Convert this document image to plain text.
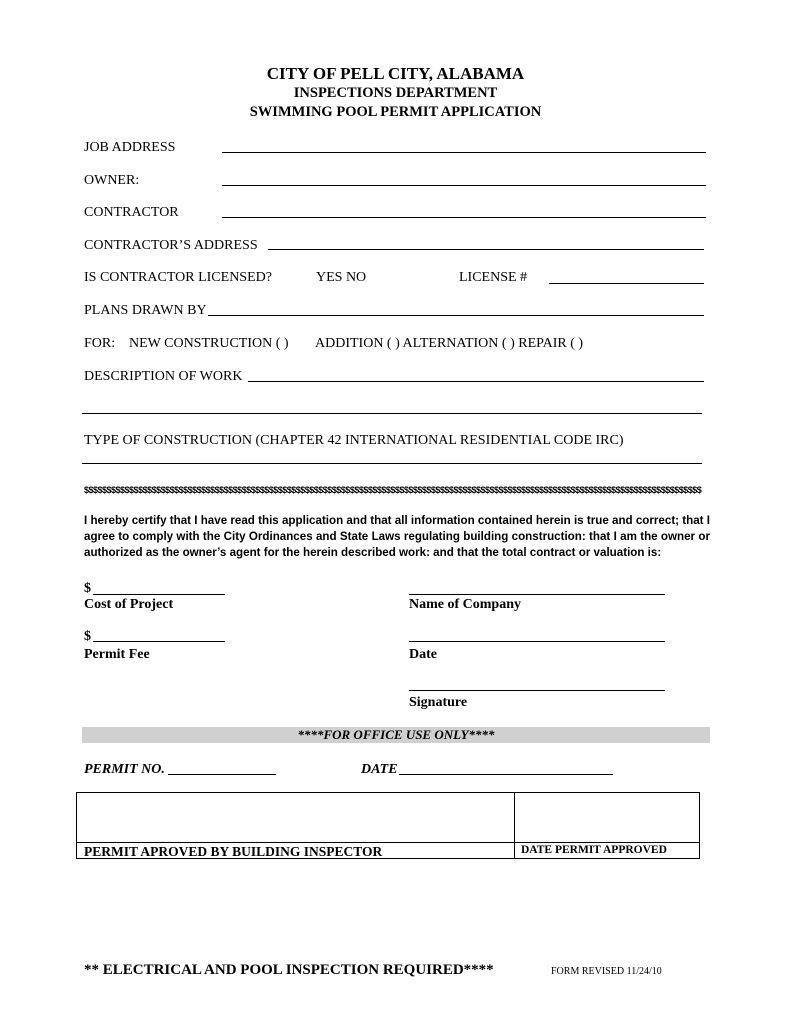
CITY OF PELL CITY, ALABAMA
INSPECTIONS DEPARTMENT
SWIMMING POOL PERMIT APPLICATION
JOB ADDRESS
OWNER:
CONTRACTOR
CONTRACTOR’S ADDRESS
IS CONTRACTOR LICENSED?	YES NO	LICENSE #
PLANS DRAWN BY
FOR: NEW CONSTRUCTION ( ) ADDITION ( ) ALTERNATION ( ) REPAIR ( )
DESCRIPTION OF WORK
TYPE OF CONSTRUCTION (CHAPTER 42 INTERNATIONAL RESIDENTIAL CODE IRC)
$$$$$$$$$$$$$$$$$$$$$$$$$$$$$$$$$$$$$$$$$$$$$$$$$$$$$$$$$$$$$$$$$$$$$$$$$$$$$$$$$$$$$$$$$$$$$$$$$$$$$$$$$$$$$$$$$$$$$$$$$$$$$$$$$$$$$$$$$
I hereby certify that I have read this application and that all information contained herein is true and correct; that I agree to comply with the City Ordinances and State Laws regulating building construction: that I am the owner or authorized as the owner’s agent for the herein described work: and that the total contract or valuation is:
$
Cost of Project	Name of Company
$
Permit Fee	Date
Signature
****FOR OFFICE USE ONLY****
PERMIT NO.	DATE
PERMIT APROVED BY BUILDING INSPECTOR	DATE PERMIT APPROVED
** ELECTRICAL AND POOL INSPECTION REQUIRED****	FORM REVISED 11/24/10
